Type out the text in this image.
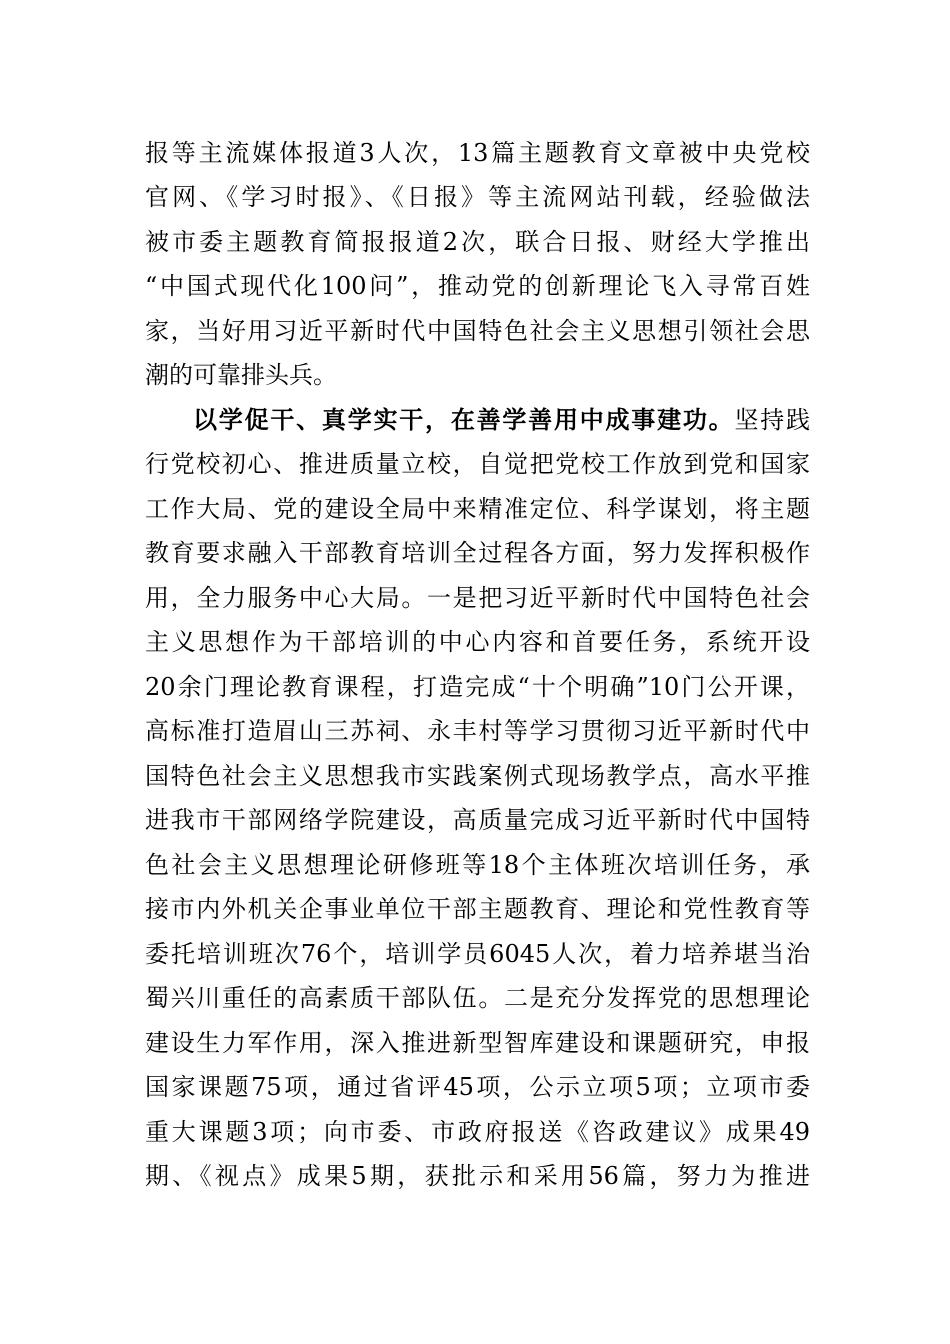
报等主流媒体报道3人次，13篇主题教育文章被中央党校
官网、《学习时报》、《日报》等主流网站刊载，经验做法
被市委主题教育简报报道2次，联合日报、财经大学推出
“中国式现代化100问”，推动党的创新理论飞入寻常百姓
家，当好用习近平新时代中国特色社会主义思想引领社会思
潮的可靠排头兵。
以学促干、真学实干，在善学善用中成事建功。坚持践
行党校初心、推进质量立校，自觉把党校工作放到党和国家
工作大局、党的建设全局中来精准定位、科学谋划，将主题
教育要求融入干部教育培训全过程各方面，努力发挥积极作
用，全力服务中心大局。一是把习近平新时代中国特色社会
主义思想作为干部培训的中心内容和首要任务，系统开设
20余门理论教育课程，打造完成“十个明确”10门公开课，
高标准打造眉山三苏祠、永丰村等学习贯彻习近平新时代中
国特色社会主义思想我市实践案例式现场教学点，高水平推
进我市干部网络学院建设，高质量完成习近平新时代中国特
色社会主义思想理论研修班等18个主体班次培训任务，承
接市内外机关企事业单位干部主题教育、理论和党性教育等
委托培训班次76个，培训学员6045人次，着力培养堪当治
蜀兴川重任的高素质干部队伍。二是充分发挥党的思想理论
建设生力军作用，深入推进新型智库建设和课题研究，申报
国家课题75项，通过省评45项，公示立项5项；立项市委
重大课题3项；向市委、市政府报送《咨政建议》成果49
期、《视点》成果5期，获批示和采用56篇，努力为推进
